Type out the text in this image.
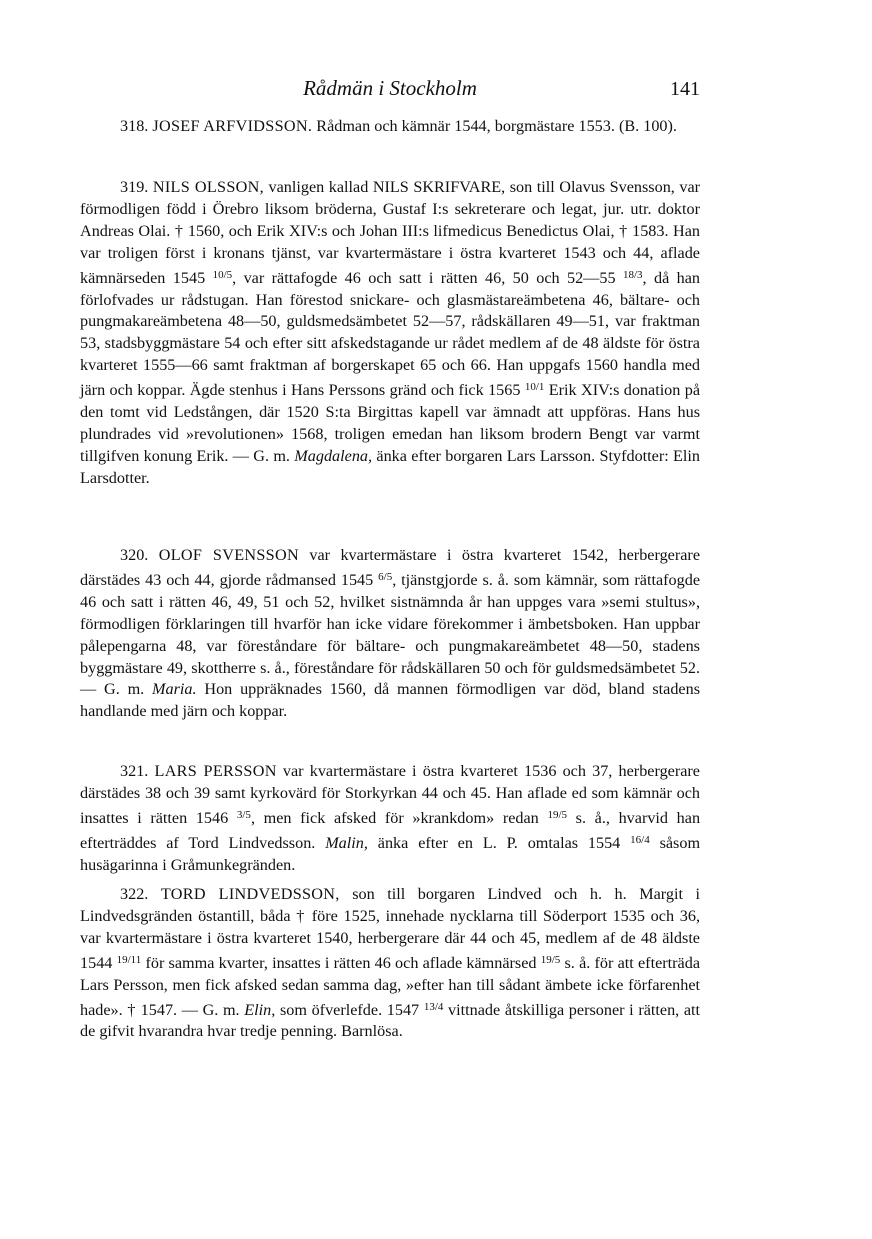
Rådmän i Stockholm	141

318. JOSEF ARFVIDSSON. Rådman och kämnär 1544, borgmästare 1553. (B. 100).

319. NILS OLSSON, vanligen kallad NILS SKRIFVARE, son till Olavus Svensson, var förmodligen född i Örebro liksom bröderna, Gustaf I:s sekreterare och legat, jur. utr. doktor Andreas Olai. † 1560, och Erik XIV:s och Johan III:s lifmedicus Benedictus Olai, † 1583. Han var troligen först i kronans tjänst, var kvartermästare i östra kvarteret 1543 och 44, aflade kämnärseden 1545 $^{10/5}$, var rättafogde 46 och satt i rätten 46, 50 och 52—55 $^{18/3}$, då han förlofvades ur rådstugan. Han förestod snickare- och glasmästareämbetena 46, bältare- och pungmakareämbetena 48—50, guldsmedsämbetet 52—57, rådskällaren 49—51, var fraktman 53, stadsbyggmästare 54 och efter sitt afskedstagande ur rådet medlem af de 48 äldste för östra kvarteret 1555—66 samt fraktman af borgerskapet 65 och 66. Han uppgafs 1560 handla med järn och koppar. Ägde stenhus i Hans Perssons gränd och fick 1565 $^{10/1}$ Erik XIV:s donation på den tomt vid Ledstången, där 1520 S:ta Birgittas kapell var ämnadt att uppföras. Hans hus plundrades vid »revolutionen» 1568, troligen emedan han liksom brodern Bengt var varmt tillgifven konung Erik. — G. m. Magdalena, änka efter borgaren Lars Larsson. Styfdotter: Elin Larsdotter.

320. OLOF SVENSSON var kvartermästare i östra kvarteret 1542, herbergerare därstädes 43 och 44, gjorde rådmansed 1545 $^{6/5}$, tjänstgjorde s. å. som kämnär, som rättafogde 46 och satt i rätten 46, 49, 51 och 52, hvilket sistnämnda år han uppges vara »semi stultus», förmodligen förklaringen till hvarför han icke vidare förekommer i ämbetsboken. Han uppbar pålepengarna 48, var föreståndare för bältare- och pungmakareämbetet 48—50, stadens byggmästare 49, skottherre s. å., föreståndare för rådskällaren 50 och för guldsmedsämbetet 52. — G. m. Maria. Hon uppräknades 1560, då mannen förmodligen var död, bland stadens handlande med järn och koppar.

321. LARS PERSSON var kvartermästare i östra kvarteret 1536 och 37, herbergerare därstädes 38 och 39 samt kyrkovärd för Storkyrkan 44 och 45. Han aflade ed som kämnär och insattes i rätten 1546 $^{3/5}$, men fick afsked för »krankdom» redan $^{19/5}$ s. å., hvarvid han efterträddes af Tord Lindvedsson. Malin, änka efter en L. P. omtalas 1554 $^{16/4}$ såsom husägarinna i Gråmunkegränden.

322. TORD LINDVEDSSON, son till borgaren Lindved och h. h. Margit i Lindvedsgränden östantill, båda † före 1525, innehade nycklarna till Söderport 1535 och 36, var kvartermästare i östra kvarteret 1540, herbergerare där 44 och 45, medlem af de 48 äldste 1544 $^{19/11}$ för samma kvarter, insattes i rätten 46 och aflade kämnärsed $^{19/5}$ s. å. för att efterträda Lars Persson, men fick afsked sedan samma dag, »efter han till sådant ämbete icke förfarenhet hade». † 1547. — G. m. Elin, som öfverlefde. 1547 $^{13/4}$ vittnade åtskilliga personer i rätten, att de gifvit hvarandra hvar tredje penning. Barnlösa.
